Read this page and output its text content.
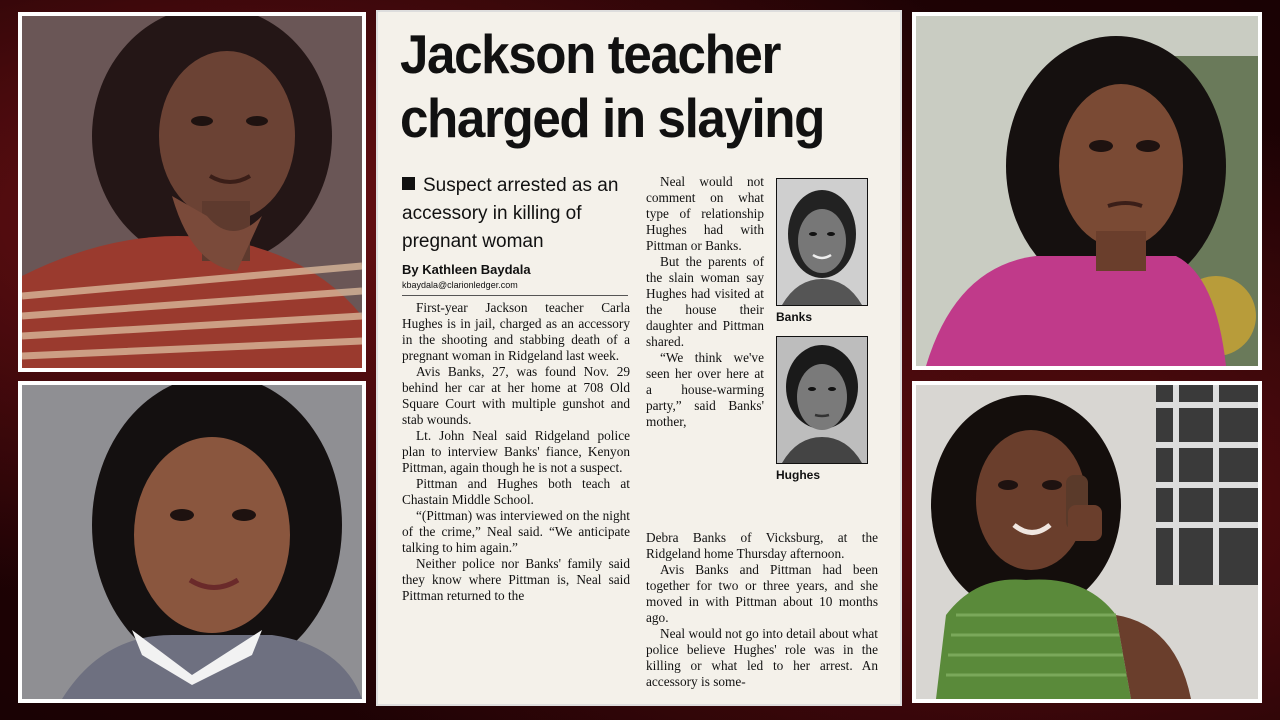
Jackson teacher
charged in slaying
Suspect arrested as an accessory in killing of pregnant woman
By Kathleen Baydala
kbaydala@clarionledger.com

First-year Jackson teacher Carla Hughes is in jail, charged as an accessory in the shooting and stabbing death of a pregnant woman in Ridgeland last week.

Avis Banks, 27, was found Nov. 29 behind her car at her home at 708 Old Square Court with multiple gunshot and stab wounds.

Lt. John Neal said Ridgeland police plan to interview Banks' fiance, Kenyon Pittman, again though he is not a suspect.

Pittman and Hughes both teach at Chastain Middle School.

“(Pittman) was interviewed on the night of the crime,” Neal said. “We anticipate talking to him again.”

Neither police nor Banks' family said they know where Pittman is, Neal said Pittman returned to the

Neal would not comment on what type of relationship Hughes had with Pittman or Banks.

But the parents of the slain woman say Hughes had visited at the house their daughter and Pittman shared.

“We think we've seen her over here at a house-warming party,” said Banks' mother,

Debra Banks of Vicksburg, at the Ridgeland home Thursday afternoon.

Avis Banks and Pittman had been together for two or three years, and she moved in with Pittman about 10 months ago.

Neal would not go into detail about what police believe Hughes' role was in the killing or what led to her arrest. An accessory is some-

Banks
Hughes
